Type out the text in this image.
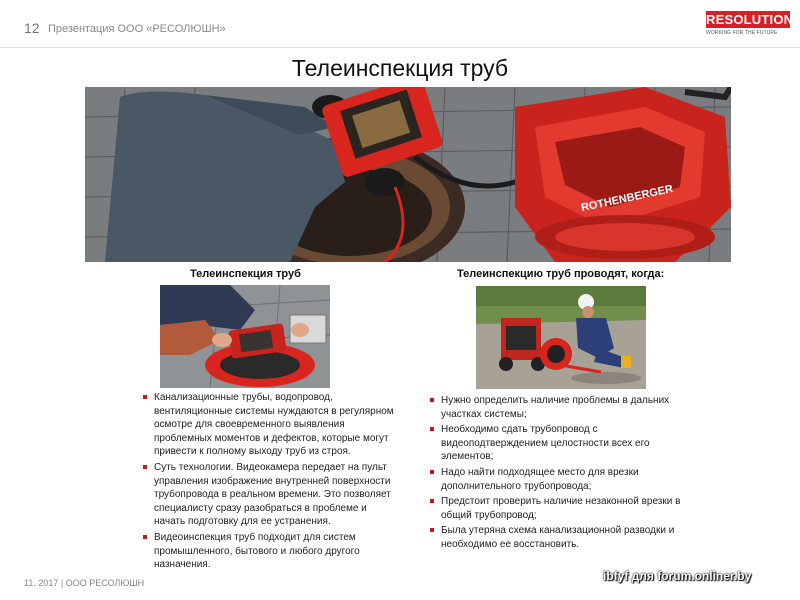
12 Презентация ООО «РЕСОЛЮШН»
RESOLUTION
WORKING FOR THE FUTURE
Телеинспекция труб
ROTHENBERGER
Телеинспекция труб	Телеинспекцию труб проводят, когда:
Канализационные трубы, водопровод, вентиляционные системы нуждаются в регулярном осмотре для своевременного выявления проблемных моментов и дефектов, которые могут привести к полному выходу труб из строя.
Суть технологии. Видеокамера передает на пульт управления изображение внутренней поверхности трубопровода в реальном времени. Это позволяет специалисту сразу разобраться в проблеме и начать подготовку для ее устранения.
Видеоинспекция труб подходит для систем промышленного, бытового и любого другого назначения.
Нужно определить наличие проблемы в дальних участках системы;
Необходимо сдать трубопровод с видеоподтверждением целостности всех его элементов;
Надо найти подходящее место для врезки дополнительного трубопровода;
Предстоит проверить наличие незаконной врезки в общий трубопровод;
Была утеряна схема канализационной разводки и необходимо ее восстановить.
11. 2017 | ООО РЕСОЛЮШН	ibfyf для forum.onliner.by
